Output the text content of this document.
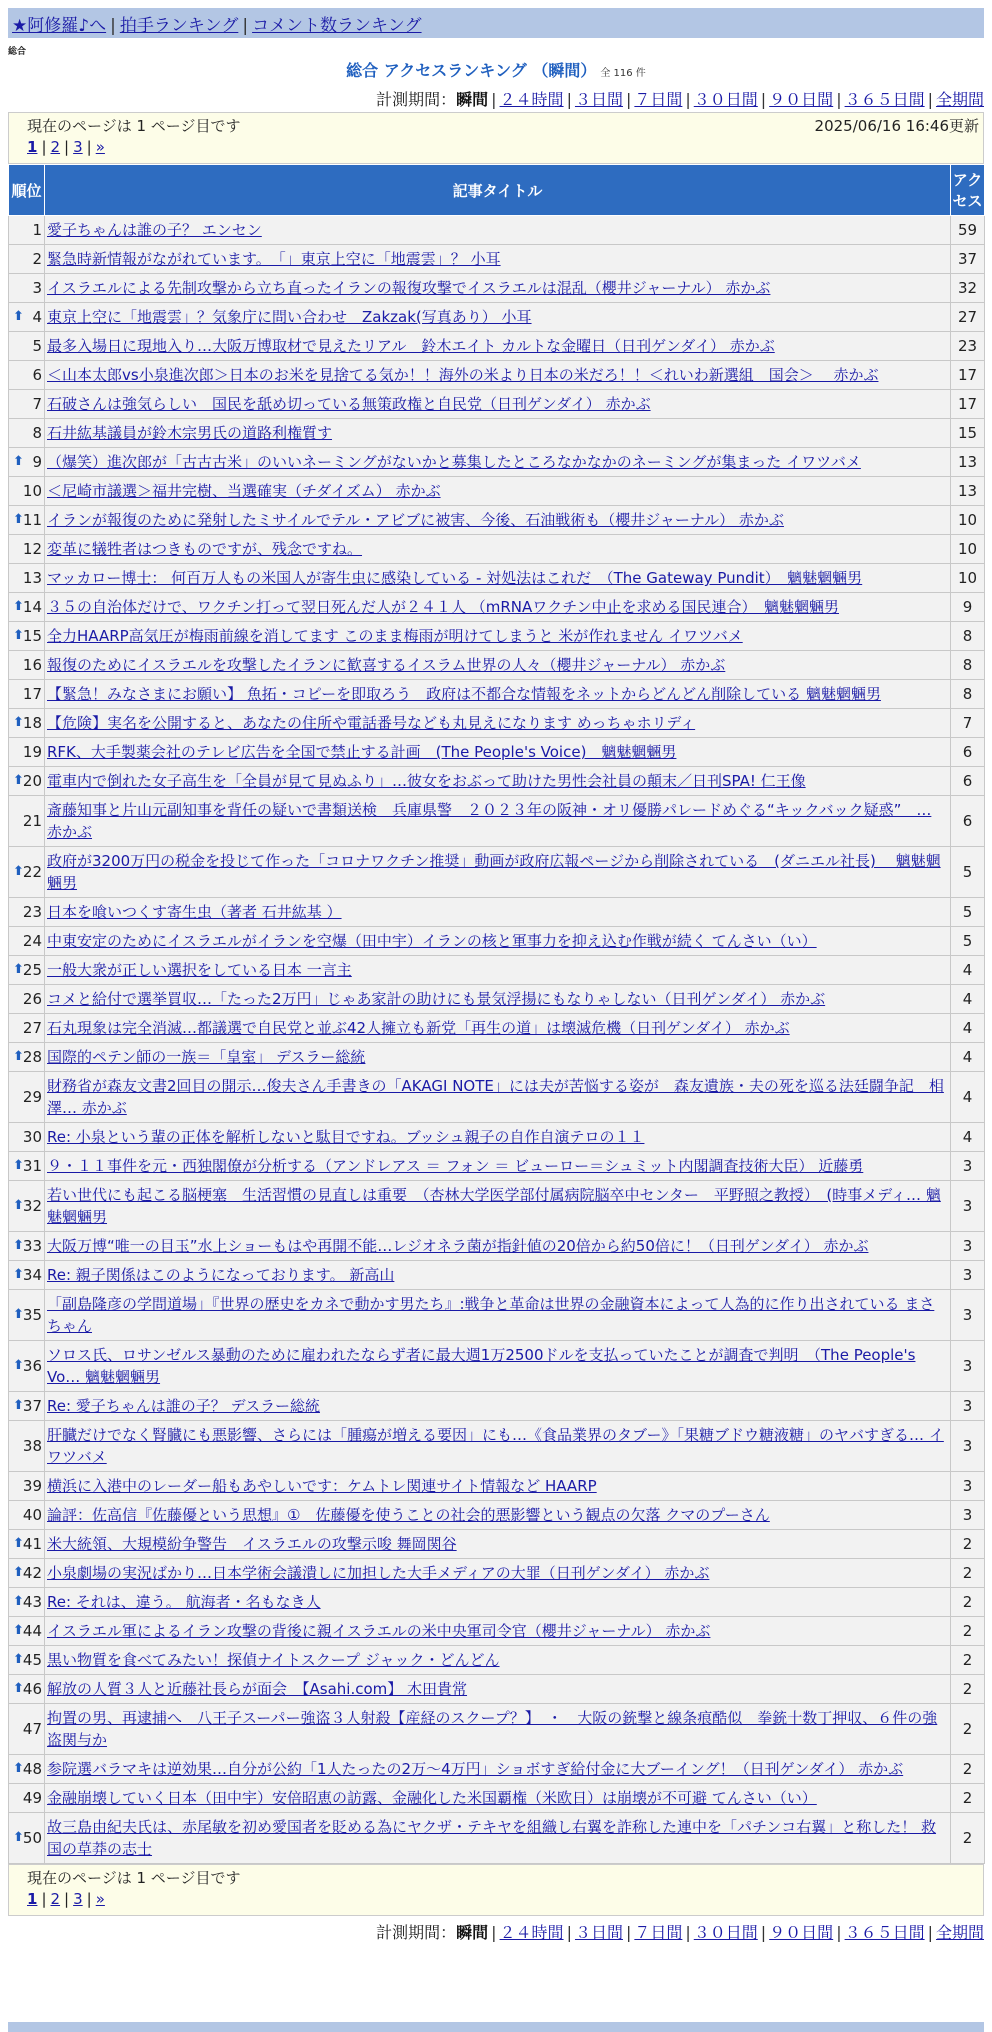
★阿修羅♪へ | 拍手ランキング | コメント数ランキング
総合
総合 アクセスランキング （瞬間） 全 116 件
計測期間：瞬間 | ２４時間 | ３日間 | ７日間 | ３０日間 | ９０日間 | ３６５日間 | 全期間
現在のページは 1 ページ目です	2025/06/16 16:46更新
1 | 2 | 3 | »
順位	記事タイトル	アクセス
1	愛子ちゃんは誰の子？ エンセン	59
2	緊急時新情報がながれています。　「」東京上空に「地震雲」？ 小耳	37
3	イスラエルによる先制攻撃から立ち直ったイランの報復攻撃でイスラエルは混乱（櫻井ジャーナル） 赤かぶ	32

⬆ 4	東京上空に「地震雲」？気象庁に問い合わせ　Zakzak(写真あり） 小耳	27
5	最多入場日に現地入り…大阪万博取材で見えたリアル　鈴木エイト カルトな金曜日（日刊ゲンダイ） 赤かぶ	23
6	＜山本太郎vs小泉進次郎＞日本のお米を見捨てる気か！！海外の米より日本の米だろ！！＜れいわ新選組　国会＞　 赤かぶ	17
7	石破さんは強気らしい　国民を舐め切っている無策政権と自民党（日刊ゲンダイ） 赤かぶ	17
8	石井紘基議員が鈴木宗男氏の道路利権質す	15

⬆ 9	（爆笑）進次郎が「古古古米」のいいネーミングがないかと募集したところなかなかのネーミングが集まった イワツバメ	13
10	＜尼崎市議選＞福井完樹、当選確実（チダイズム） 赤かぶ	13

⬆ 11	イランが報復のために発射したミサイルでテル・アビブに被害、今後、石油戦術も（櫻井ジャーナル） 赤かぶ	10
12	変革に犠牲者はつきものですが、残念ですね。	10
13	マッカロー博士： 何百万人もの米国人が寄生虫に感染している - 対処法はこれだ　（The Gateway Pundit）　魑魅魍魎男	10

⬆ 14	３５の自治体だけで、ワクチン打って翌日死んだ人が２４１人 （mRNAワクチン中止を求める国民連合）　魑魅魍魎男	9

⬆ 15	全力HAARP高気圧が梅雨前線を消してます このまま梅雨が明けてしまうと 米が作れません イワツバメ	8
16	報復のためにイスラエルを攻撃したイランに歓喜するイスラム世界の人々（櫻井ジャーナル） 赤かぶ	8
17	【緊急！みなさまにお願い】 魚拓・コピーを即取ろう　政府は不都合な情報をネットからどんどん削除している 魑魅魍魎男	8

⬆ 18	【危険】実名を公開すると、あなたの住所や電話番号なども丸見えになります めっちゃホリディ	7
19	RFK、大手製薬会社のテレビ広告を全国で禁止する計画　(The People's Voice)　魑魅魍魎男	6

⬆ 20	電車内で倒れた女子高生を「全員が見て見ぬふり」…彼女をおぶって助けた男性会社員の顛末／日刊SPA! 仁王像	6
21	斎藤知事と片山元副知事を背任の疑いで書類送検　兵庫県警　２０２３年の阪神・オリ優勝パレードめぐる“キックバック疑惑”　… 赤かぶ	6

⬆ 22	政府が3200万円の税金を投じて作った「コロナワクチン推奨」動画が政府広報ページから削除されている　(ダニエル社長)　 魑魅魍魎男	5
23	日本を喰いつくす寄生虫（著者 石井紘基 ）	5
24	中東安定のためにイスラエルがイランを空爆（田中宇）イランの核と軍事力を抑え込む作戦が続く てんさい（い）	5

⬆ 25	一般大衆が正しい選択をしている日本 一言主	4
26	コメと給付で選挙買収…「たった2万円」じゃあ家計の助けにも景気浮揚にもなりゃしない（日刊ゲンダイ） 赤かぶ	4
27	石丸現象は完全消滅…都議選で自民党と並ぶ42人擁立も新党「再生の道」は壊滅危機（日刊ゲンダイ） 赤かぶ	4

⬆ 28	国際的ペテン師の一族＝「皇室」 デスラー総統	4
29	財務省が森友文書2回目の開示…俊夫さん手書きの「AKAGI NOTE」には夫が苦悩する姿が　森友遺族・夫の死を巡る法廷闘争記　相澤… 赤かぶ	4
30	Re: 小泉という輩の正体を解析しないと駄目ですね。ブッシュ親子の自作自演テロの１１	4

⬆ 31	９・１１事件を元・西独閣僚が分析する（アンドレアス ＝ フォン ＝ ビューロー＝シュミット内閣調査技術大臣） 近藤勇	3

⬆ 32	若い世代にも起こる脳梗塞　生活習慣の見直しは重要　（杏林大学医学部付属病院脳卒中センター　平野照之教授）　(時事メディ… 魑魅魍魎男	3

⬆ 33	大阪万博“唯一の目玉”水上ショーもはや再開不能…レジオネラ菌が指針値の20倍から約50倍に！（日刊ゲンダイ） 赤かぶ	3

⬆ 34	Re: 親子関係はこのようになっております。 新高山	3

⬆ 35	「副島隆彦の学問道場」『世界の歴史をカネで動かす男たち』:戦争と革命は世界の金融資本によって人為的に作り出されている まさちゃん	3

⬆ 36	ソロス氏、ロサンゼルス暴動のために雇われたならず者に最大週1万2500ドルを支払っていたことが調査で判明　（The People's Vo… 魑魅魍魎男	3

⬆ 37	Re: 愛子ちゃんは誰の子？ デスラー総統	3
38	肝臓だけでなく腎臓にも悪影響、さらには「腫瘍が増える要因」にも…《食品業界のタブー》「果糖ブドウ糖液糖」のヤバすぎる… イワツバメ	3
39	横浜に入港中のレーダー船もあやしいです：ケムトレ関連サイト情報など HAARP	3
40	論評：佐高信『佐藤優という思想』①　佐藤優を使うことの社会的悪影響という観点の欠落 クマのプーさん	3

⬆ 41	米大統領、大規模紛争警告　イスラエルの攻撃示唆 舞岡関谷	2

⬆ 42	小泉劇場の実況ばかり…日本学術会議潰しに加担した大手メディアの大罪（日刊ゲンダイ） 赤かぶ	2

⬆ 43	Re: それは、違う。 航海者・名もなき人	2

⬆ 44	イスラエル軍によるイラン攻撃の背後に親イスラエルの米中央軍司令官（櫻井ジャーナル） 赤かぶ	2

⬆ 45	黒い物質を食べてみたい！探偵ナイトスクープ ジャック・どんどん	2

⬆ 46	解放の人質３人と近藤社長らが面会　【Asahi.com】 木田貴常	2
47	拘置の男、再逮捕へ　八王子スーパー強盗３人射殺【産経のスクープ？】　・　大阪の銃撃と線条痕酷似　拳銃十数丁押収、６件の強盗関与か	2

⬆ 48	参院選バラマキは逆効果…自分が公約「1人たったの2万～4万円」ショボすぎ給付金に大ブーイング！（日刊ゲンダイ） 赤かぶ	2
49	金融崩壊していく日本（田中宇）安倍昭恵の訪露、金融化した米国覇権（米欧日）は崩壊が不可避 てんさい（い）	2

⬆ 50	故三島由紀夫氏は、赤尾敏を初め愛国者を貶める為にヤクザ・テキヤを組織し右翼を詐称した連中を「パチンコ右翼」と称した！ 救国の草莽の志士	2
現在のページは 1 ページ目です
1 | 2 | 3 | »
計測期間：瞬間 | ２４時間 | ３日間 | ７日間 | ３０日間 | ９０日間 | ３６５日間 | 全期間
